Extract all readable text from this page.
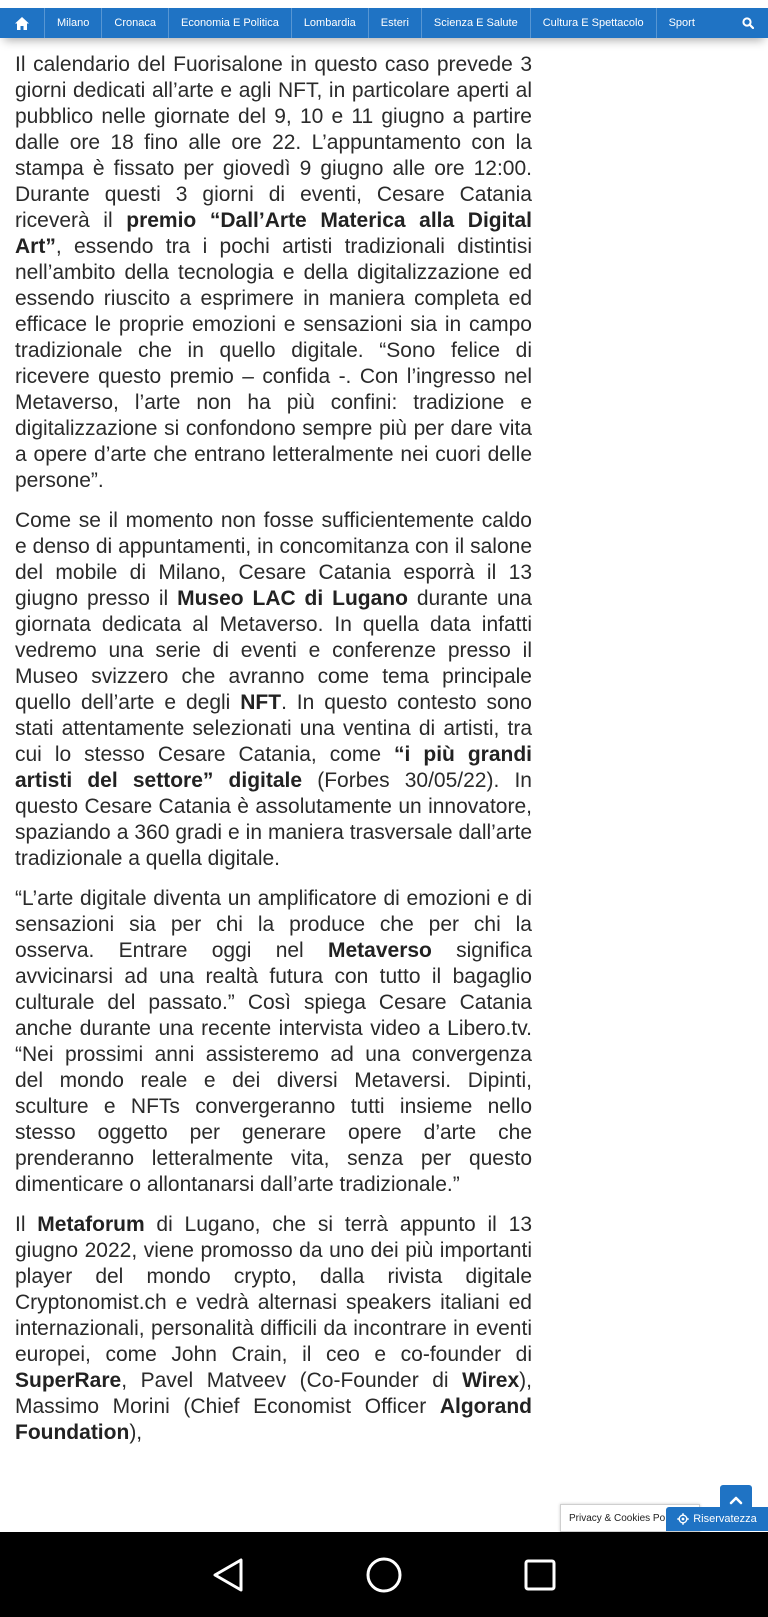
Milano	Cronaca	Economia E Politica	Lombardia	Esteri	Scienza E Salute	Cultura E Spettacolo	Sport

Il calendario del Fuorisalone in questo caso prevede 3 giorni dedicati all’arte e agli NFT, in particolare aperti al pubblico nelle giornate del 9, 10 e 11 giugno a partire dalle ore 18 fino alle ore 22. L’appuntamento con la stampa è fissato per giovedì 9 giugno alle ore 12:00. Durante questi 3 giorni di eventi, Cesare Catania riceverà il premio “Dall’Arte Materica alla Digital Art”, essendo tra i pochi artisti tradizionali distintisi nell’ambito della tecnologia e della digitalizzazione ed essendo riuscito a esprimere in maniera completa ed efficace le proprie emozioni e sensazioni sia in campo tradizionale che in quello digitale. “Sono felice di ricevere questo premio – confida -. Con l’ingresso nel Metaverso, l’arte non ha più confini: tradizione e digitalizzazione si confondono sempre più per dare vita a opere d’arte che entrano letteralmente nei cuori delle persone”.

Come se il momento non fosse sufficientemente caldo e denso di appuntamenti, in concomitanza con il salone del mobile di Milano, Cesare Catania esporrà il 13 giugno presso il Museo LAC di Lugano durante una giornata dedicata al Metaverso. In quella data infatti vedremo una serie di eventi e conferenze presso il Museo svizzero che avranno come tema principale quello dell’arte e degli NFT. In questo contesto sono stati attentamente selezionati una ventina di artisti, tra cui lo stesso Cesare Catania, come “i più grandi artisti del settore” digitale (Forbes 30/05/22). In questo Cesare Catania è assolutamente un innovatore, spaziando a 360 gradi e in maniera trasversale dall’arte tradizionale a quella digitale.

“L’arte digitale diventa un amplificatore di emozioni e di sensazioni sia per chi la produce che per chi la osserva. Entrare oggi nel Metaverso significa avvicinarsi ad una realtà futura con tutto il bagaglio culturale del passato.” Così spiega Cesare Catania anche durante una recente intervista video a Libero.tv. “Nei prossimi anni assisteremo ad una convergenza del mondo reale e dei diversi Metaversi. Dipinti, sculture e NFTs convergeranno tutti insieme nello stesso oggetto per generare opere d’arte che prenderanno letteralmente vita, senza per questo dimenticare o allontanarsi dall’arte tradizionale.”

Il Metaforum di Lugano, che si terrà appunto il 13 giugno 2022, viene promosso da uno dei più importanti player del mondo crypto, dalla rivista digitale Cryptonomist.ch e vedrà alternasi speakers italiani ed internazionali, personalità difficili da incontrare in eventi europei, come John Crain, il ceo e co-founder di SuperRare, Pavel Matveev (Co-Founder di Wirex), Massimo Morini (Chief Economist Officer Algorand Foundation),

Privacy & Cookies Po	Riservatezza
